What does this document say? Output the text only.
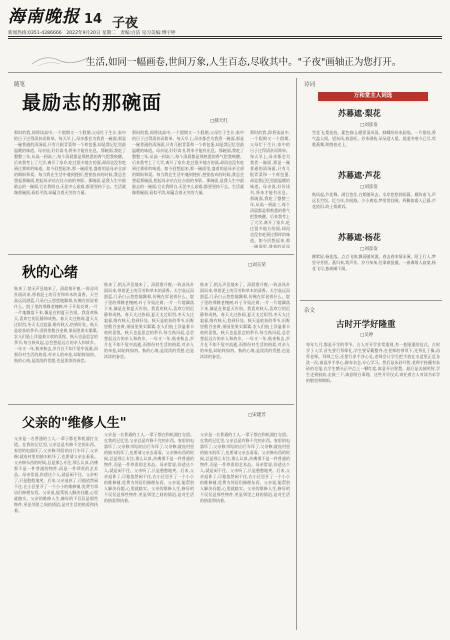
海南晚报 14 子夜
新闻热线:0351-4286666　2022年9月20日 星期二　责编:白洁 见习美编:傅宇婷
生活,如同一幅画卷,世间万象,人生百态,尽收其中。"子夜"画轴正为您打开。
随笔
最励志的那碗面
□郝天红
那时的我,即将读高中,一个假期又一个假期,父母忙于生计,家中的日子过得清贫而简单。每天早上,母亲都会为我煮一碗面,那是一碗普通的清汤面,只有几根青菜和一个荷包蛋,却是我记忆里最温暖的味道。母亲说,好好读书,将来才能有出息。那碗面,我吃了整整三年,从高一到高三,每个清晨都是那熟悉的香气把我唤醒。后来我考上了大学,离开了家乡,吃过很多地方的面,却再也没有吃到过那样的味道。如今回想起来,那一碗面里,盛着的是母亲全部的期盼和爱。每当我在生活中遇到挫折,想要放弃的时候,我总会想起那碗面,想起母亲站在灶台前的身影。那碗面,是我人生中最励志的一碗面,它让我明白,无论多么艰难,都要坚持下去。生活就像那碗面,看似平淡,却蕴含着无穷的力量。
那时的我,即将读高中,一个假期又一个假期,父母忙于生计,家中的日子过得清贫而简单。每天早上,母亲都会为我煮一碗面,那是一碗普通的清汤面,只有几根青菜和一个荷包蛋,却是我记忆里最温暖的味道。母亲说,好好读书,将来才能有出息。那碗面,我吃了整整三年,从高一到高三,每个清晨都是那熟悉的香气把我唤醒。后来我考上了大学,离开了家乡,吃过很多地方的面,却再也没有吃到过那样的味道。如今回想起来,那一碗面里,盛着的是母亲全部的期盼和爱。每当我在生活中遇到挫折,想要放弃的时候,我总会想起那碗面,想起母亲站在灶台前的身影。那碗面,是我人生中最励志的一碗面,它让我明白,无论多么艰难,都要坚持下去。生活就像那碗面,看似平淡,却蕴含着无穷的力量。
那时的我,即将读高中,一个假期又一个假期,父母忙于生计,家中的日子过得清贫而简单。每天早上,母亲都会为我煮一碗面,那是一碗普通的清汤面,只有几根青菜和一个荷包蛋,却是我记忆里最温暖的味道。母亲说,好好读书,将来才能有出息。那碗面,我吃了整整三年,从高一到高三,每个清晨都是那熟悉的香气把我唤醒。后来我考上了大学,离开了家乡,吃过很多地方的面,却再也没有吃到过那样的味道。如今回想起来,那一碗面里,盛着的是母
诗词
万和堂主人词选
苏幕遮·梨花
□刘彦发
雪花飞,梨花放。素色春山,暖景清风荡。蜂蝶纷纷来此唱。一片银装,香气盈人间。望东风,春意旺。芳华满枝,朵朵迎人望。莫道冬寒今已尽,莺歌燕舞,和煦春光上。
苏幕遮·芦花
□刘彦发
秋风起,芦花舞。满目苍茫,白絮随风去。水岸悠悠斜阳暮。雁阵南飞,声远长空误。忆当年,乡间路。少小离家,梦里常回顾。两鬓如霜人已暮,芦花依旧,故土情难诉。
苏幕遮·杨花
□刘彦发
柳絮轻,杨花落。点点飞绵,飘荡随风漠。春去春来情未薄。陌上行人,梦里寻芳错。燕归来,莺声作。岁月匆匆,往事难捉摸。一曲离歌人寂寞,杨花飞尽,独倚阑干阁。
杂文
古时开学好隆重
□吴婷
每年九月,都是开学的季节。古人对开学非常重视,有一套隆重的仪式。古时学子入学,首先要行拜师礼,学生要穿戴整齐,在老师的带领下,先拜孔子像,再拜老师。拜师之后,还要行净手净心礼,老师会让学生把手放在水盆里正反各洗一次,寓意净手净心,摒弃杂念,专心学习。然后是朱砂开智,老师手持蘸有朱砂的毛笔,在学生额头正中点上一颗红痣,寓意开启智慧。最后是击鼓明智,学生走到鼓前,击鼓三下,寓意明白事理。这些开学仪式,寄托着古人对读书求学的敬畏和期盼。
秋的心绪	□刘玉荣
秋来了,悄无声息地来了。清晨推开窗,一阵凉风扑面而来,带着泥土的芬芳和草木的清香。天空高远而湛蓝,几朵白云悠悠地飘着,仿佛在诉说着什么。院子里的那棵老槐树,叶子开始泛黄,一片一片地飘落下来,像是在和夏天告别。我喜欢秋天,喜欢它的沉静和成熟。春天太过热闹,夏天太过炽烈,冬天太过寂寥,唯有秋天,恰到好处。秋天是收获的季节,田野里稻谷金黄,果园里果实累累,农人们脸上洋溢着丰收的喜悦。秋天也是思念的季节,每当秋风起,总会想起远方的亲人和故乡。一年又一年,秋来秋去,岁月在不知不觉中流逝,而那份对生活的热爱,对亲人的牵挂,却始终如初。秋的心绪,是淡淡的忧愁,也是浓浓的眷恋。
秋来了,悄无声息地来了。清晨推开窗,一阵凉风扑面而来,带着泥土的芬芳和草木的清香。天空高远而湛蓝,几朵白云悠悠地飘着,仿佛在诉说着什么。院子里的那棵老槐树,叶子开始泛黄,一片一片地飘落下来,像是在和夏天告别。我喜欢秋天,喜欢它的沉静和成熟。春天太过热闹,夏天太过炽烈,冬天太过寂寥,唯有秋天,恰到好处。秋天是收获的季节,田野里稻谷金黄,果园里果实累累,农人们脸上洋溢着丰收的喜悦。秋天也是思念的季节,每当秋风起,总会想起远方的亲人和故乡。一年又一年,秋来秋去,岁月在不知不觉中流逝,而那份对生活的热爱,对亲人的牵挂,却始终如初。秋的心绪,是淡淡的忧愁,也是浓浓的眷恋。
秋来了,悄无声息地来了。清晨推开窗,一阵凉风扑面而来,带着泥土的芬芳和草木的清香。天空高远而湛蓝,几朵白云悠悠地飘着,仿佛在诉说着什么。院子里的那棵老槐树,叶子开始泛黄,一片一片地飘落下来,像是在和夏天告别。我喜欢秋天,喜欢它的沉静和成熟。春天太过热闹,夏天太过炽烈,冬天太过寂寥,唯有秋天,恰到好处。秋天是收获的季节,田野里稻谷金黄,果园里果实累累,农人们脸上洋溢着丰收的喜悦。秋天也是思念的季节,每当秋风起,总会想起远方的亲人和故乡。一年又一年,秋来秋去,岁月在不知不觉中流逝,而那份对生活的热爱,对亲人的牵挂,却始终如初。秋的心绪,是淡淡的忧愁,也是浓浓的眷恋。
父亲的"维修人生"
□宋建芳
父亲是一名普通的工人,一辈子都在和机器打交道。在我的记忆里,父亲总是有修不完的东西。家里的电器坏了,父亲修;邻居的自行车坏了,父亲修;就连村里的抽水机坏了,也要请父亲去看看。父亲修东西的时候,总是那么专注,那么认真,仿佛那不是一件普通的物件,而是一件珍贵的艺术品。母亲常说,你爸这个人,就是闲不住。父亲听了,只是憨憨地笑。后来,父亲退休了,可他依然闲不住,在小区里开了一个小小的维修铺,免费为邻居们修理东西。父亲说,能帮别人解决问题,心里就踏实。父亲的维修人生,修好的不仅仅是那些物件,更是邻里之间的情谊,是对生活的热爱和执着。
父亲是一名普通的工人,一辈子都在和机器打交道。在我的记忆里,父亲总是有修不完的东西。家里的电器坏了,父亲修;邻居的自行车坏了,父亲修;就连村里的抽水机坏了,也要请父亲去看看。父亲修东西的时候,总是那么专注,那么认真,仿佛那不是一件普通的物件,而是一件珍贵的艺术品。母亲常说,你爸这个人,就是闲不住。父亲听了,只是憨憨地笑。后来,父亲退休了,可他依然闲不住,在小区里开了一个小小的维修铺,免费为邻居们修理东西。父亲说,能帮别人解决问题,心里就踏实。父亲的维修人生,修好的不仅仅是那些物件,更是邻里之间的情谊,是对生活的热爱和执着。
父亲是一名普通的工人,一辈子都在和机器打交道。在我的记忆里,父亲总是有修不完的东西。家里的电器坏了,父亲修;邻居的自行车坏了,父亲修;就连村里的抽水机坏了,也要请父亲去看看。父亲修东西的时候,总是那么专注,那么认真,仿佛那不是一件普通的物件,而是一件珍贵的艺术品。母亲常说,你爸这个人,就是闲不住。父亲听了,只是憨憨地笑。后来,父亲退休了,可他依然闲不住,在小区里开了一个小小的维修铺,免费为邻居们修理东西。父亲说,能帮别人解决问题,心里就踏实。父亲的维修人生,修好的不仅仅是那些物件,更是邻里之间的情谊,是对生活的热爱和执着。
